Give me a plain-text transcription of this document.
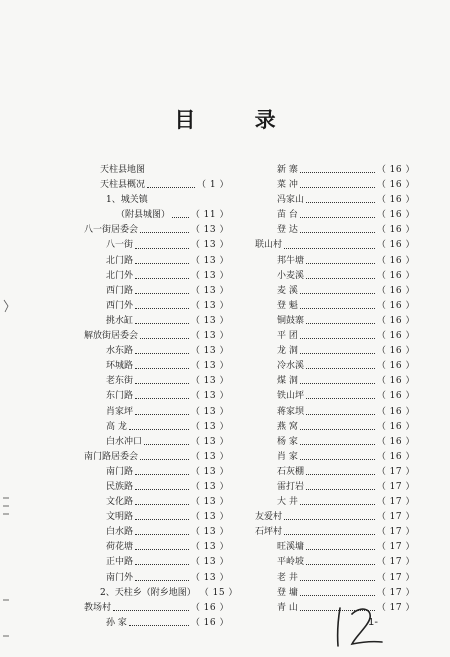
目 录
天柱县地图
天柱县概况	（ 1 ）
1、城关镇
（附县城图） （ 11 ）
八一街居委会	（ 13 ）
八一街	（ 13 ）
北门路	（ 13 ）
北门外	（ 13 ）
西门路	（ 13 ）
西门外	（ 13 ）
挑水缸	（ 13 ）
解放街居委会	（ 13 ）
水东路	（ 13 ）
环城路	（ 13 ）
老东街	（ 13 ）
东门路	（ 13 ）
肖家坪	（ 13 ）
高 龙	（ 13 ）
白水冲口	（ 13 ）
南门路居委会	（ 13 ）
南门路	（ 13 ）
民族路	（ 13 ）
文化路	（ 13 ）
文明路	（ 13 ）
白水路	（ 13 ）
荷花塘	（ 13 ）
正中路	（ 13 ）
南门外	（ 13 ）
2、天柱乡（附乡地图） （ 15 ）
教场村	（ 16 ）
孙 家	（ 16 ）
新 寨	（ 16 ）
菜 冲	（ 16 ）
冯家山	（ 16 ）
苗 台	（ 16 ）
登 达	（ 16 ）
联山村	（ 16 ）
邦牛塘	（ 16 ）
小麦溪	（ 16 ）
麦 溪	（ 16 ）
登 魁	（ 16 ）
铜鼓寨	（ 16 ）
平 团	（ 16 ）
龙 洞	（ 16 ）
冷水溪	（ 16 ）
煤 洞	（ 16 ）
铁山坪	（ 16 ）
蒋家坝	（ 16 ）
燕 窝	（ 16 ）
杨 家	（ 16 ）
肖 家	（ 16 ）
石灰棚	（ 17 ）
雷打岩	（ 17 ）
大 井	（ 17 ）
友爱村	（ 17 ）
石坪村	（ 17 ）
旺溪墉	（ 17 ）
平岭坡	（ 17 ）
老 井	（ 17 ）
登 墉	（ 17 ）
青 山	（ 17 ）
1-
